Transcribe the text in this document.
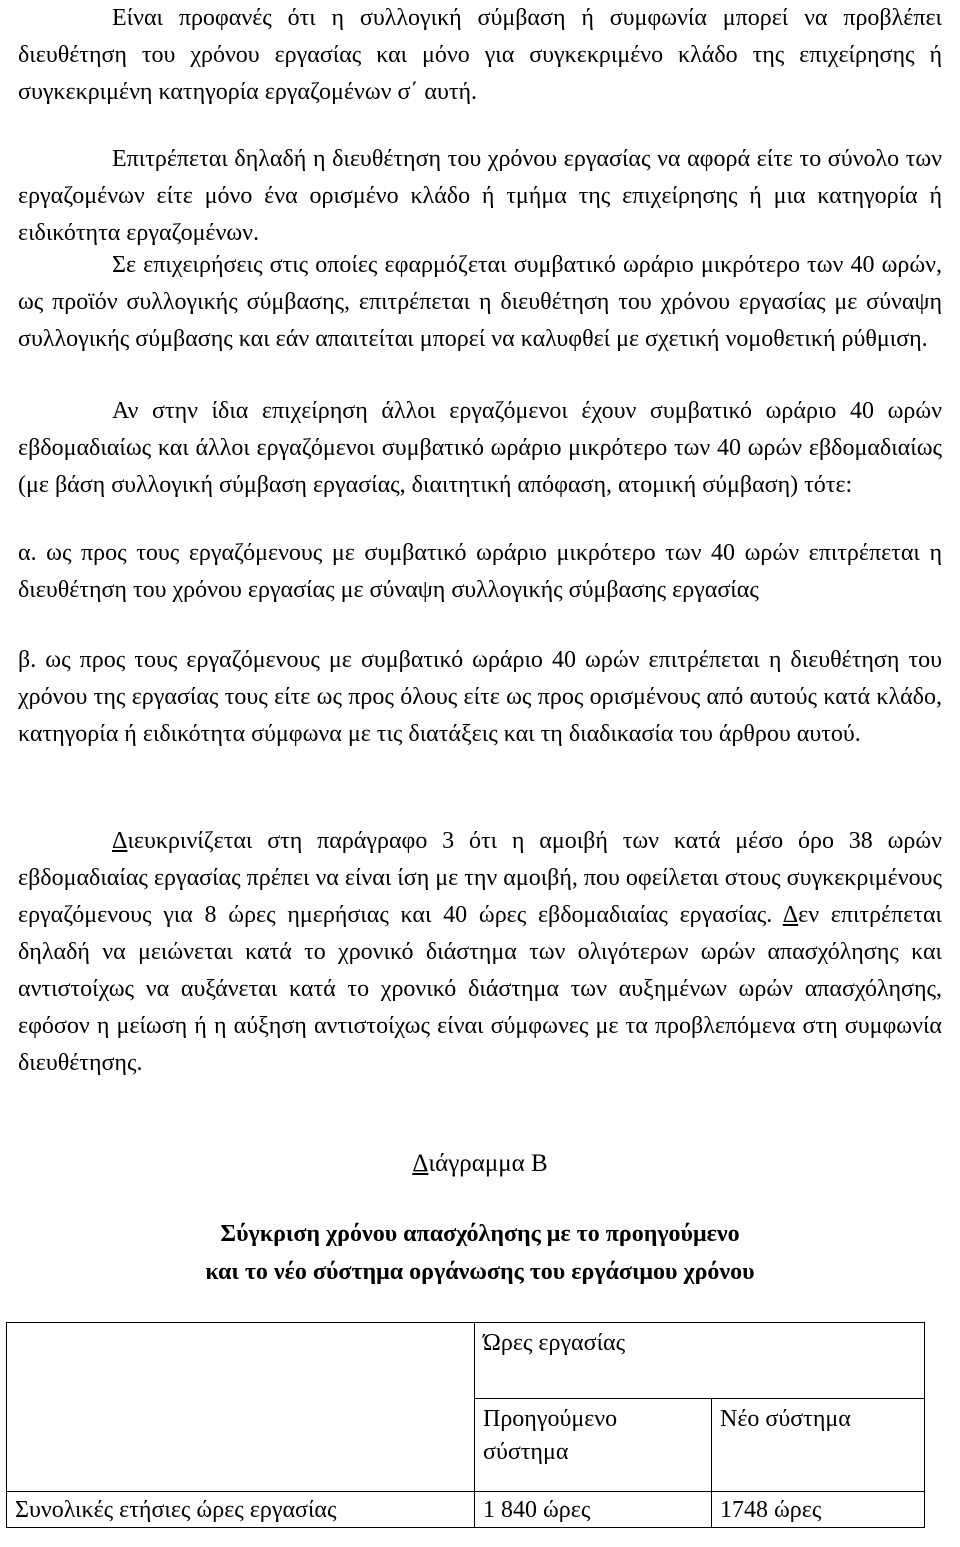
Είναι προφανές ότι η συλλογική σύμβαση ή συμφωνία μπορεί να προβλέπει διευθέτηση του χρόνου εργασίας και μόνο για συγκεκριμένο κλάδο της επιχείρησης ή συγκεκριμένη κατηγορία εργαζομένων σ΄ αυτή.

Επιτρέπεται δηλαδή η διευθέτηση του χρόνου εργασίας να αφορά είτε το σύνολο των εργαζομένων είτε μόνο ένα ορισμένο κλάδο ή τμήμα της επιχείρησης ή μια κατηγορία ή ειδικότητα εργαζομένων.

Σε επιχειρήσεις στις οποίες εφαρμόζεται συμβατικό ωράριο μικρότερο των 40 ωρών, ως προϊόν συλλογικής σύμβασης, επιτρέπεται η διευθέτηση του χρόνου εργασίας με σύναψη συλλογικής σύμβασης και εάν απαιτείται μπορεί να καλυφθεί με σχετική νομοθετική ρύθμιση.

Αν στην ίδια επιχείρηση άλλοι εργαζόμενοι έχουν συμβατικό ωράριο 40 ωρών εβδομαδιαίως και άλλοι εργαζόμενοι συμβατικό ωράριο μικρότερο των 40 ωρών εβδομαδιαίως (με βάση συλλογική σύμβαση εργασίας, διαιτητική απόφαση, ατομική σύμβαση) τότε:

α. ως προς τους εργαζόμενους με συμβατικό ωράριο μικρότερο των 40 ωρών επιτρέπεται η διευθέτηση του χρόνου εργασίας με σύναψη συλλογικής σύμβασης εργασίας

β. ως προς τους εργαζόμενους με συμβατικό ωράριο 40 ωρών επιτρέπεται η διευθέτηση του χρόνου της εργασίας τους είτε ως προς όλους είτε ως προς ορισμένους από αυτούς κατά κλάδο, κατηγορία ή ειδικότητα σύμφωνα με τις διατάξεις και τη διαδικασία του άρθρου αυτού.

Διευκρινίζεται στη παράγραφο 3 ότι η αμοιβή των κατά μέσο όρο 38 ωρών εβδομαδιαίας εργασίας πρέπει να είναι ίση με την αμοιβή, που οφείλεται στους συγκεκριμένους εργαζόμενους για 8 ώρες ημερήσιας και 40 ώρες εβδομαδιαίας εργασίας. Δεν επιτρέπεται δηλαδή να μειώνεται κατά το χρονικό διάστημα των ολιγότερων ωρών απασχόλησης και αντιστοίχως να αυξάνεται κατά το χρονικό διάστημα των αυξημένων ωρών απασχόλησης, εφόσον η μείωση ή η αύξηση αντιστοίχως είναι σύμφωνες με τα προβλεπόμενα στη συμφωνία διευθέτησης.

Διάγραμμα Β
Σύγκριση χρόνου απασχόλησης με το προηγούμενο
και το νέο σύστημα οργάνωσης του εργάσιμου χρόνου
	Ώρες εργασίας	
	Προηγούμενο σύστημα	Νέο σύστημα
Συνολικές ετήσιες ώρες εργασίας	1 840 ώρες	1748 ώρες
